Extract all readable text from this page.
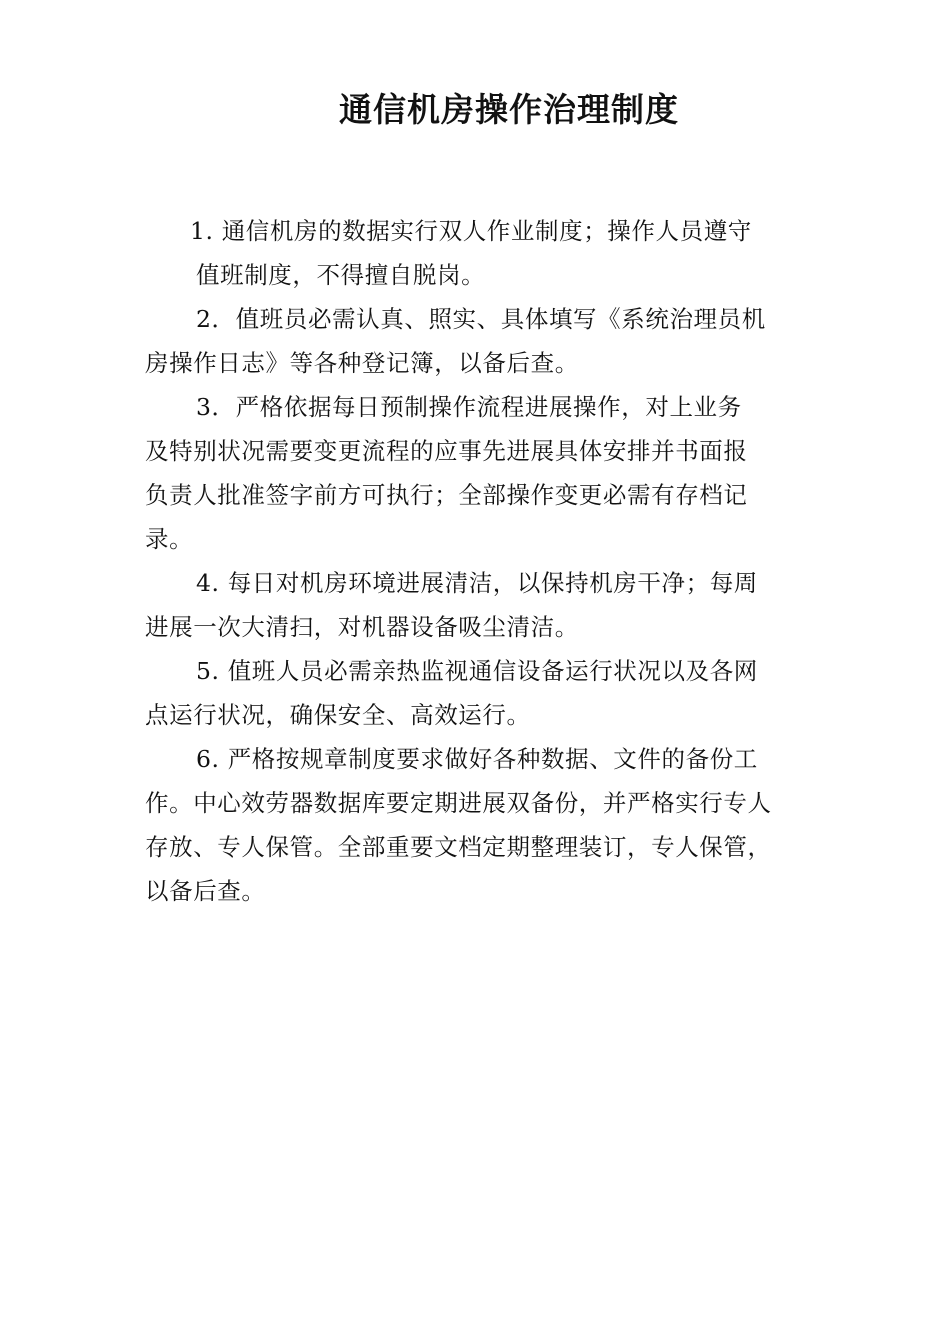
通信机房操作治理制度
1. 通信机房的数据实行双人作业制度；操作人员遵守
值班制度，不得擅自脱岗。
2．值班员必需认真、照实、具体填写《系统治理员机
房操作日志》等各种登记簿，以备后查。
3．严格依据每日预制操作流程进展操作，对上业务
及特别状况需要变更流程的应事先进展具体安排并书面报
负责人批准签字前方可执行；全部操作变更必需有存档记
录。
4. 每日对机房环境进展清洁，以保持机房干净；每周
进展一次大清扫，对机器设备吸尘清洁。
5. 值班人员必需亲热监视通信设备运行状况以及各网
点运行状况，确保安全、高效运行。
6. 严格按规章制度要求做好各种数据、文件的备份工
作。中心效劳器数据库要定期进展双备份，并严格实行专人
存放、专人保管。全部重要文档定期整理装订，专人保管，
以备后查。
